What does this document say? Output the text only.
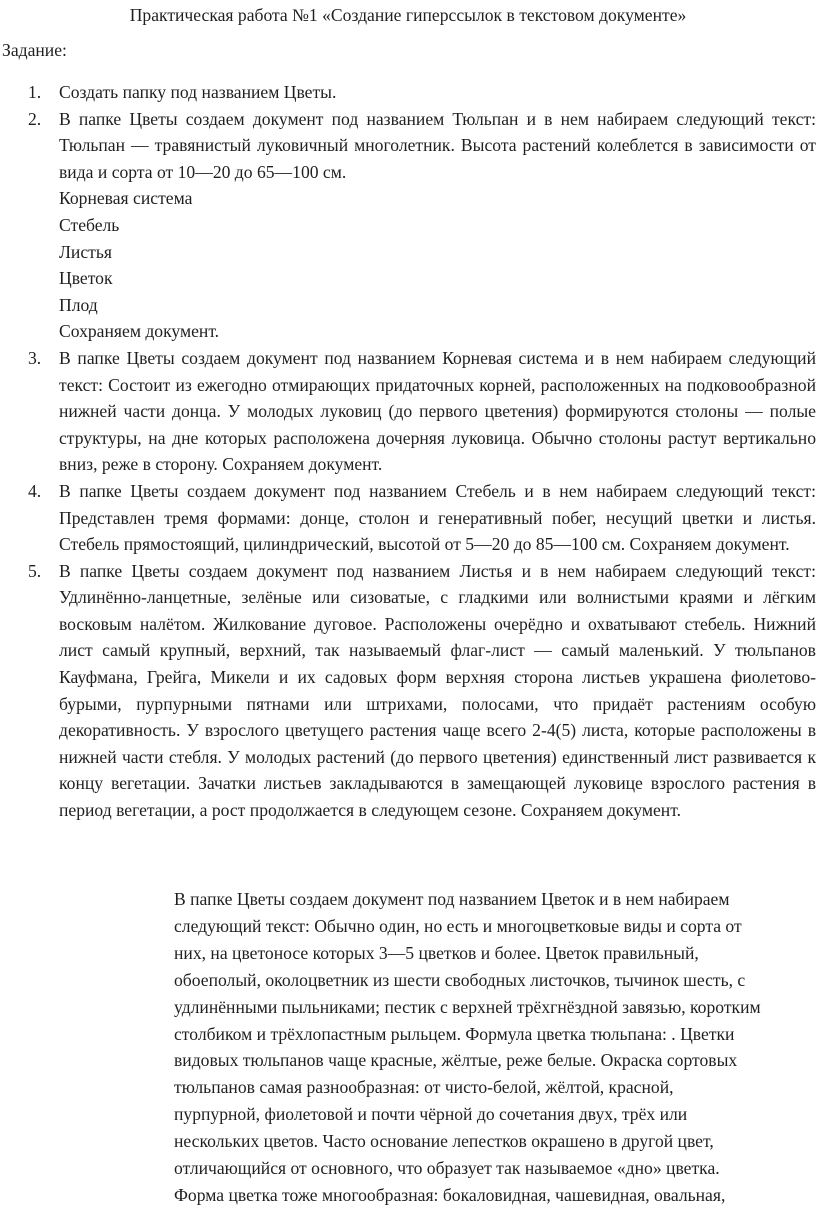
Практическая работа №1 «Создание гиперссылок в текстовом документе»
Задание:
1. Создать папку под названием Цветы.
2. В папке Цветы создаем документ под названием Тюльпан и в нем набираем следующий текст: Тюльпан — травянистый луковичный многолетник. Высота растений колеблется в зависимости от вида и сорта от 10—20 до 65—100 см.
Корневая система
Стебель
Листья
Цветок
Плод
Сохраняем документ.
3. В папке Цветы создаем документ под названием Корневая система и в нем набираем следующий текст: Состоит из ежегодно отмирающих придаточных корней, расположенных на подковообразной нижней части донца. У молодых луковиц (до первого цветения) формируются столоны — полые структуры, на дне которых расположена дочерняя луковица. Обычно столоны растут вертикально вниз, реже в сторону. Сохраняем документ.
4. В папке Цветы создаем документ под названием Стебель и в нем набираем следующий текст: Представлен тремя формами: донце, столон и генеративный побег, несущий цветки и листья. Стебель прямостоящий, цилиндрический, высотой от 5—20 до 85—100 см. Сохраняем документ.
5. В папке Цветы создаем документ под названием Листья и в нем набираем следующий текст: Удлинённо-ланцетные, зелёные или сизоватые, с гладкими или волнистыми краями и лёгким восковым налётом. Жилкование дуговое. Расположены очерёдно и охватывают стебель. Нижний лист самый крупный, верхний, так называемый флаг-лист — самый маленький. У тюльпанов Кауфмана, Грейга, Микели и их садовых форм верхняя сторона листьев украшена фиолетово-бурыми, пурпурными пятнами или штрихами, полосами, что придаёт растениям особую декоративность. У взрослого цветущего растения чаще всего 2-4(5) листа, которые расположены в нижней части стебля. У молодых растений (до первого цветения) единственный лист развивается к концу вегетации. Зачатки листьев закладываются в замещающей луковице взрослого растения в период вегетации, а рост продолжается в следующем сезоне. Сохраняем документ.
В папке Цветы создаем документ под названием Цветок и в нем набираем
следующий текст: Обычно один, но есть и многоцветковые виды и сорта от
них, на цветоносе которых 3—5 цветков и более. Цветок правильный,
обоеполый, околоцветник из шести свободных листочков, тычинок шесть, с
удлинёнными пыльниками; пестик с верхней трёхгнёздной завязью, коротким
столбиком и трёхлопастным рыльцем. Формула цветка тюльпана: . Цветки
видовых тюльпанов чаще красные, жёлтые, реже белые. Окраска сортовых
тюльпанов самая разнообразная: от чисто-белой, жёлтой, красной,
пурпурной, фиолетовой и почти чёрной до сочетания двух, трёх или
нескольких цветов. Часто основание лепестков окрашено в другой цвет,
отличающийся от основного, что образует так называемое «дно» цветка.
Форма цветка тоже многообразная: бокаловидная, чашевидная, овальная,
